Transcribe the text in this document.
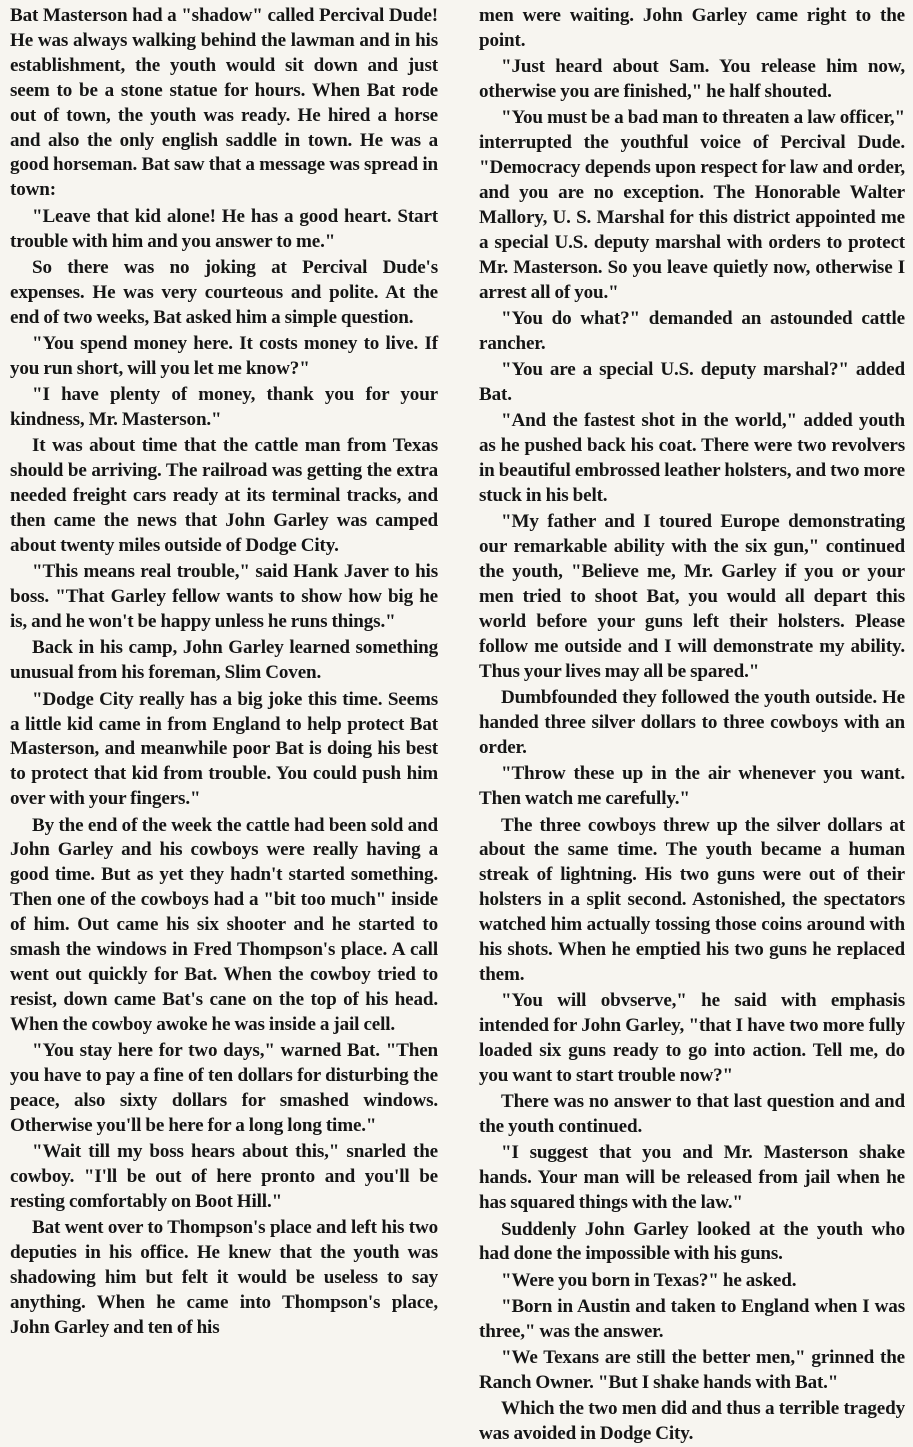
Bat Masterson had a "shadow" called Percival Dude! He was always walking behind the lawman and in his establishment, the youth would sit down and just seem to be a stone statue for hours. When Bat rode out of town, the youth was ready. He hired a horse and also the only english saddle in town. He was a good horseman. Bat saw that a message was spread in town:

"Leave that kid alone! He has a good heart. Start trouble with him and you answer to me."

So there was no joking at Percival Dude's expenses. He was very courteous and polite. At the end of two weeks, Bat asked him a simple question.

"You spend money here. It costs money to live. If you run short, will you let me know?"

"I have plenty of money, thank you for your kindness, Mr. Masterson."

It was about time that the cattle man from Texas should be arriving. The railroad was getting the extra needed freight cars ready at its terminal tracks, and then came the news that John Garley was camped about twenty miles outside of Dodge City.

"This means real trouble," said Hank Javer to his boss. "That Garley fellow wants to show how big he is, and he won't be happy unless he runs things."

Back in his camp, John Garley learned something unusual from his foreman, Slim Coven.

"Dodge City really has a big joke this time. Seems a little kid came in from England to help protect Bat Masterson, and meanwhile poor Bat is doing his best to protect that kid from trouble. You could push him over with your fingers."

By the end of the week the cattle had been sold and John Garley and his cowboys were really having a good time. But as yet they hadn't started something. Then one of the cowboys had a "bit too much" inside of him. Out came his six shooter and he started to smash the windows in Fred Thompson's place. A call went out quickly for Bat. When the cowboy tried to resist, down came Bat's cane on the top of his head. When the cowboy awoke he was inside a jail cell.

"You stay here for two days," warned Bat. "Then you have to pay a fine of ten dollars for disturbing the peace, also sixty dollars for smashed windows. Otherwise you'll be here for a long long time."

"Wait till my boss hears about this," snarled the cowboy. "I'll be out of here pronto and you'll be resting comfortably on Boot Hill."

Bat went over to Thompson's place and left his two deputies in his office. He knew that the youth was shadowing him but felt it would be useless to say anything. When he came into Thompson's place, John Garley and ten of his

men were waiting. John Garley came right to the point.

"Just heard about Sam. You release him now, otherwise you are finished," he half shouted.

"You must be a bad man to threaten a law officer," interrupted the youthful voice of Percival Dude. "Democracy depends upon respect for law and order, and you are no exception. The Honorable Walter Mallory, U. S. Marshal for this district appointed me a special U.S. deputy marshal with orders to protect Mr. Masterson. So you leave quietly now, otherwise I arrest all of you."

"You do what?" demanded an astounded cattle rancher.

"You are a special U.S. deputy marshal?" added Bat.

"And the fastest shot in the world," added youth as he pushed back his coat. There were two revolvers in beautiful embrossed leather holsters, and two more stuck in his belt.

"My father and I toured Europe demonstrating our remarkable ability with the six gun," continued the youth, "Believe me, Mr. Garley if you or your men tried to shoot Bat, you would all depart this world before your guns left their holsters. Please follow me outside and I will demonstrate my ability. Thus your lives may all be spared."

Dumbfounded they followed the youth outside. He handed three silver dollars to three cowboys with an order.

"Throw these up in the air whenever you want. Then watch me carefully."

The three cowboys threw up the silver dollars at about the same time. The youth became a human streak of lightning. His two guns were out of their holsters in a split second. Astonished, the spectators watched him actually tossing those coins around with his shots. When he emptied his two guns he replaced them.

"You will obvserve," he said with emphasis intended for John Garley, "that I have two more fully loaded six guns ready to go into action. Tell me, do you want to start trouble now?"

There was no answer to that last question and and the youth continued.

"I suggest that you and Mr. Masterson shake hands. Your man will be released from jail when he has squared things with the law."

Suddenly John Garley looked at the youth who had done the impossible with his guns.

"Were you born in Texas?" he asked.

"Born in Austin and taken to England when I was three," was the answer.

"We Texans are still the better men," grinned the Ranch Owner. "But I shake hands with Bat."

Which the two men did and thus a terrible tragedy was avoided in Dodge City.
